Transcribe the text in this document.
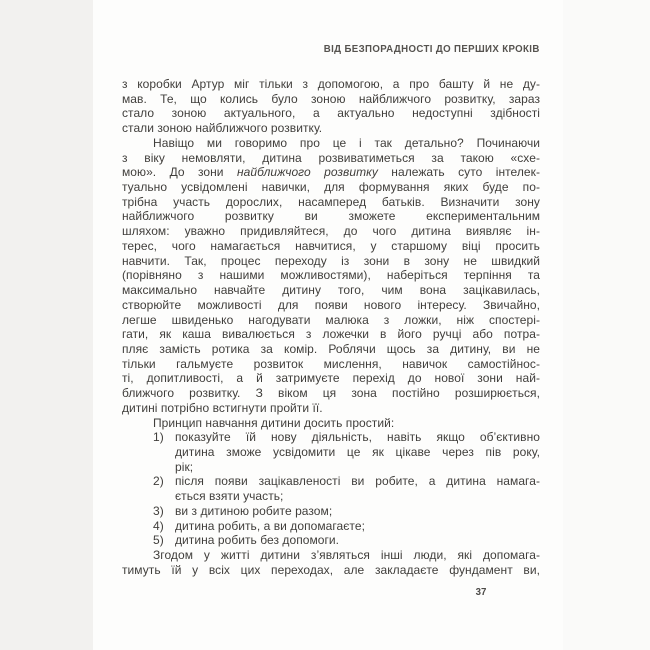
ВІД БЕЗПОРАДНОСТІ ДО ПЕРШИХ КРОКІВ
з коробки Артур міг тільки з допомогою, а про башту й не ду-
мав. Те, що колись було зоною найближчого розвитку, зараз
стало зоною актуального, а актуально недоступні здібності
стали зоною найближчого розвитку.
Навіщо ми говоримо про це і так детально? Починаючи
з віку немовляти, дитина розвиватиметься за такою «схе-
мою». До зони найближчого розвитку належать суто інтелек-
туально усвідомлені навички, для формування яких буде по-
трібна участь дорослих, насамперед батьків. Визначити зону
найближчого розвитку ви зможете експериментальним
шляхом: уважно придивляйтеся, до чого дитина виявляє ін-
терес, чого намагається навчитися, у старшому віці просить
навчити. Так, процес переходу із зони в зону не швидкий
(порівняно з нашими можливостями), наберіться терпіння та
максимально навчайте дитину того, чим вона зацікавилась,
створюйте можливості для появи нового інтересу. Звичайно,
легше швиденько нагодувати малюка з ложки, ніж спостері-
гати, як каша вивалюється з ложечки в його ручці або потра-
пляє замість ротика за комір. Роблячи щось за дитину, ви не
тільки гальмуєте розвиток мислення, навичок самостійнос-
ті, допитливості, а й затримуєте перехід до нової зони най-
ближчого розвитку. З віком ця зона постійно розширюється,
дитині потрібно встигнути пройти її.
Принцип навчання дитини досить простий:
1) показуйте їй нову діяльність, навіть якщо об’єктивно
дитина зможе усвідомити це як цікаве через пів року,
рік;
2) після появи зацікавленості ви робите, а дитина намага-
ється взяти участь;
3) ви з дитиною робите разом;
4) дитина робить, а ви допомагаєте;
5) дитина робить без допомоги.
Згодом у житті дитини з’являться інші люди, які допомага-
тимуть їй у всіх цих переходах, але закладаєте фундамент ви,
37
